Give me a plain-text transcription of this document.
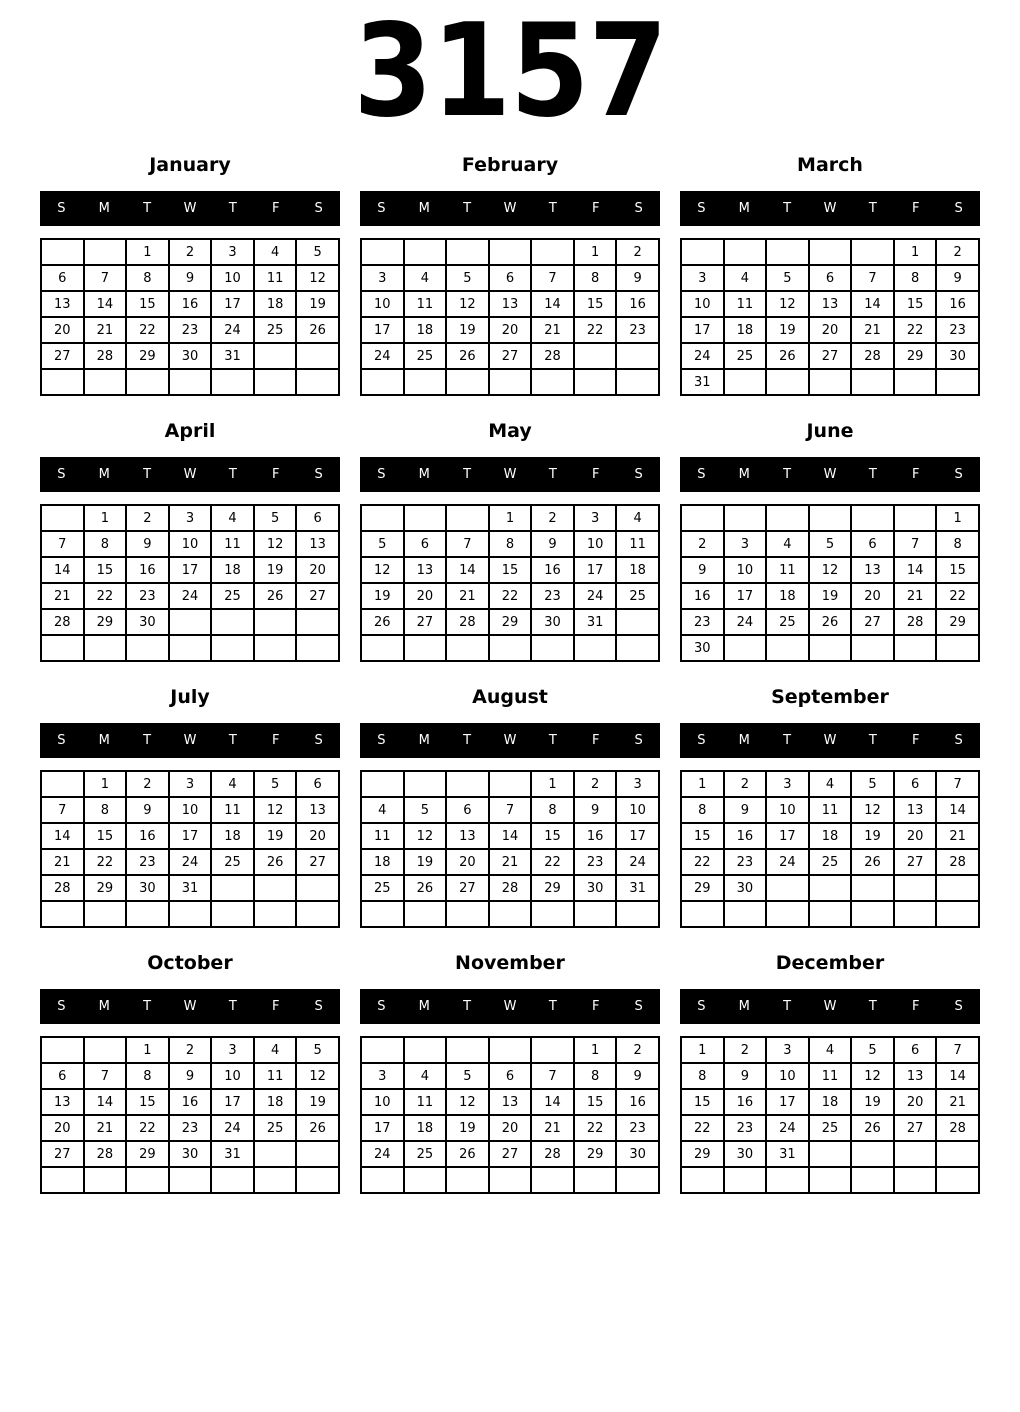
3157
January
S	M	T	W	T	F	S
		1	2	3	4	5
6	7	8	9	10	11	12
13	14	15	16	17	18	19
20	21	22	23	24	25	26
27	28	29	30	31		

February
S	M	T	W	T	F	S
					1	2
3	4	5	6	7	8	9
10	11	12	13	14	15	16
17	18	19	20	21	22	23
24	25	26	27	28		

March
S	M	T	W	T	F	S
					1	2
3	4	5	6	7	8	9
10	11	12	13	14	15	16
17	18	19	20	21	22	23
24	25	26	27	28	29	30
31						
April
S	M	T	W	T	F	S
	1	2	3	4	5	6
7	8	9	10	11	12	13
14	15	16	17	18	19	20
21	22	23	24	25	26	27
28	29	30				

May
S	M	T	W	T	F	S
			1	2	3	4
5	6	7	8	9	10	11
12	13	14	15	16	17	18
19	20	21	22	23	24	25
26	27	28	29	30	31	

June
S	M	T	W	T	F	S
						1
2	3	4	5	6	7	8
9	10	11	12	13	14	15
16	17	18	19	20	21	22
23	24	25	26	27	28	29
30						
July
S	M	T	W	T	F	S
	1	2	3	4	5	6
7	8	9	10	11	12	13
14	15	16	17	18	19	20
21	22	23	24	25	26	27
28	29	30	31			

August
S	M	T	W	T	F	S
				1	2	3
4	5	6	7	8	9	10
11	12	13	14	15	16	17
18	19	20	21	22	23	24
25	26	27	28	29	30	31

September
S	M	T	W	T	F	S
1	2	3	4	5	6	7
8	9	10	11	12	13	14
15	16	17	18	19	20	21
22	23	24	25	26	27	28
29	30					

October
S	M	T	W	T	F	S
		1	2	3	4	5
6	7	8	9	10	11	12
13	14	15	16	17	18	19
20	21	22	23	24	25	26
27	28	29	30	31		

November
S	M	T	W	T	F	S
					1	2
3	4	5	6	7	8	9
10	11	12	13	14	15	16
17	18	19	20	21	22	23
24	25	26	27	28	29	30

December
S	M	T	W	T	F	S
1	2	3	4	5	6	7
8	9	10	11	12	13	14
15	16	17	18	19	20	21
22	23	24	25	26	27	28
29	30	31				
